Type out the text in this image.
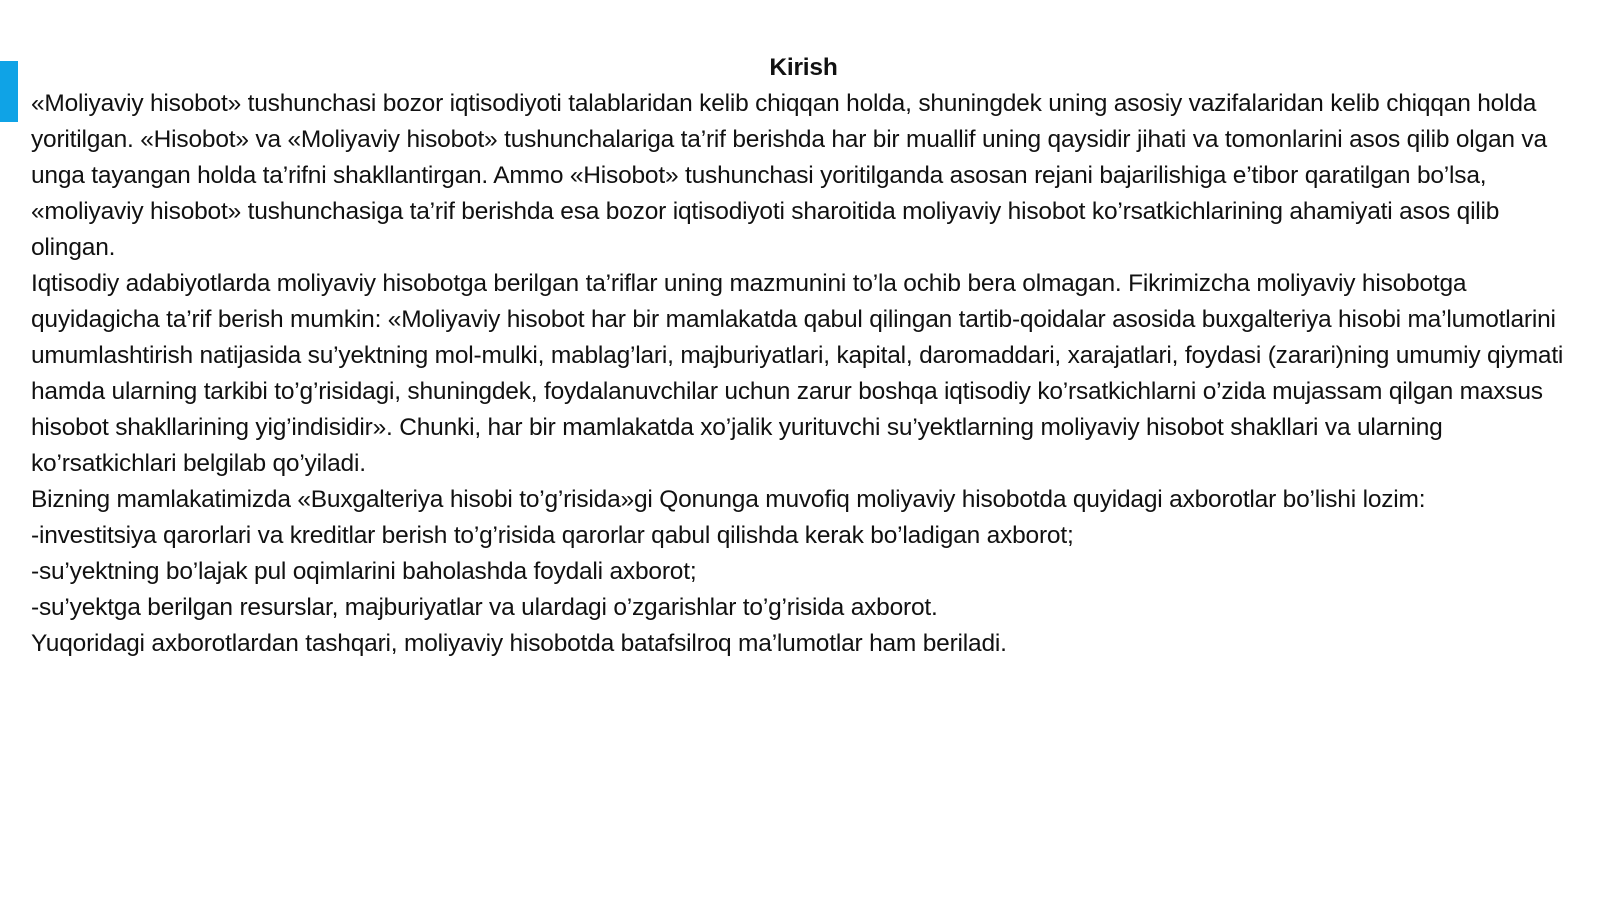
Kirish

«Moliyaviy hisobot» tushunchasi bozor iqtisodiyoti talablaridan kelib chiqqan holda, shuningdek uning asosiy vazifalaridan kelib chiqqan holda yoritilgan. «Hisobot» va «Moliyaviy hisobot» tushunchalariga ta’rif berishda har bir muallif uning qaysidir jihati va tomonlarini asos qilib olgan va unga tayangan holda ta’rifni shakllantirgan. Ammo «Hisobot» tushunchasi yoritilganda asosan rejani bajarilishiga e’tibor qaratilgan bo’lsa, «moliyaviy hisobot» tushunchasiga ta’rif berishda esa bozor iqtisodiyoti sharoitida moliyaviy hisobot ko’rsatkichlarining ahamiyati asos qilib olingan.

Iqtisodiy adabiyotlarda moliyaviy hisobotga berilgan ta’riflar uning mazmunini to’la ochib bera olmagan. Fikrimizcha moliyaviy hisobotga quyidagicha ta’rif berish mumkin: «Moliyaviy hisobot har bir mamlakatda qabul qilingan tartib-qoidalar asosida buxgalteriya hisobi ma’lumotlarini umumlashtirish natijasida su’yektning mol-mulki, mablag’lari, majburiyatlari, kapital, daromaddari, xarajatlari, foydasi (zarari)ning umumiy qiymati hamda ularning tarkibi to’g’risidagi, shuningdek, foydalanuvchilar uchun zarur boshqa iqtisodiy ko’rsatkichlarni o’zida mujassam qilgan maxsus hisobot shakllarining yig’indisidir». Chunki, har bir mamlakatda xo’jalik yurituvchi su’yektlarning moliyaviy hisobot shakllari va ularning ko’rsatkichlari belgilab qo’yiladi.

Bizning mamlakatimizda «Buxgalteriya hisobi to’g’risida»gi Qonunga muvofiq moliyaviy hisobotda quyidagi axborotlar bo’lishi lozim:

-investitsiya qarorlari va kreditlar berish to’g’risida qarorlar qabul qilishda kerak bo’ladigan axborot;

-su’yektning bo’lajak pul oqimlarini baholashda foydali axborot;

-su’yektga berilgan resurslar, majburiyatlar va ulardagi o’zgarishlar to’g’risida axborot.

Yuqoridagi axborotlardan tashqari, moliyaviy hisobotda batafsilroq ma’lumotlar ham beriladi.
